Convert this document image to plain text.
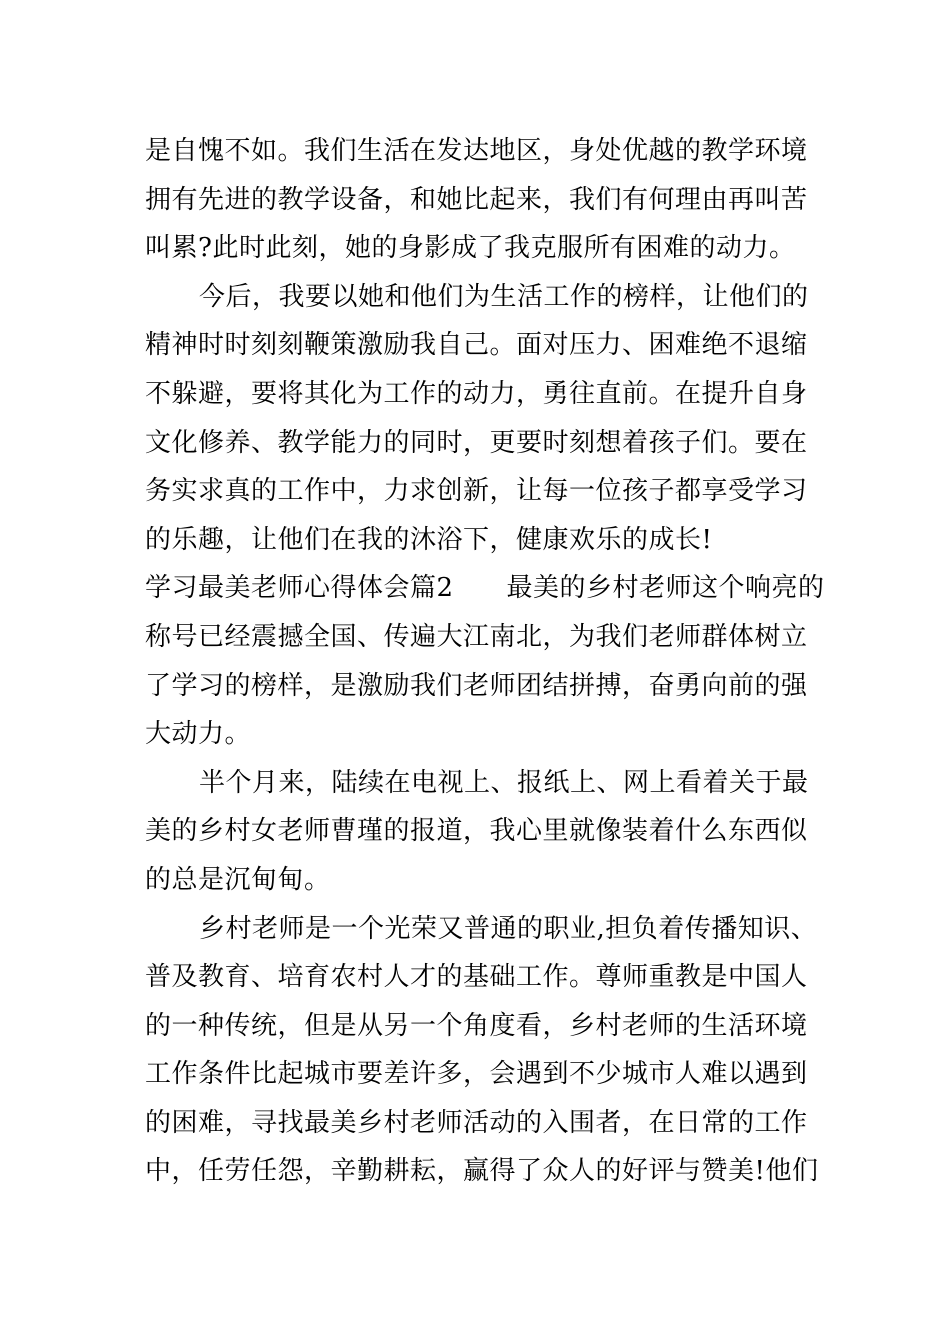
是自愧不如。我们生活在发达地区，身处优越的教学环境
拥有先进的教学设备，和她比起来，我们有何理由再叫苦
叫累?此时此刻，她的身影成了我克服所有困难的动力。
今后，我要以她和他们为生活工作的榜样，让他们的
精神时时刻刻鞭策激励我自己。面对压力、困难绝不退缩
不躲避，要将其化为工作的动力，勇往直前。在提升自身
文化修养、教学能力的同时，更要时刻想着孩子们。要在
务实求真的工作中，力求创新，让每一位孩子都享受学习
的乐趣，让他们在我的沐浴下，健康欢乐的成长!
学习最美老师心得体会篇2　　最美的乡村老师这个响亮的
称号已经震撼全国、传遍大江南北，为我们老师群体树立
了学习的榜样，是激励我们老师团结拼搏，奋勇向前的强
大动力。
半个月来，陆续在电视上、报纸上、网上看着关于最
美的乡村女老师曹瑾的报道，我心里就像装着什么东西似
的总是沉甸甸。
乡村老师是一个光荣又普通的职业,担负着传播知识、
普及教育、培育农村人才的基础工作。尊师重教是中国人
的一种传统，但是从另一个角度看，乡村老师的生活环境
工作条件比起城市要差许多，会遇到不少城市人难以遇到
的困难，寻找最美乡村老师活动的入围者，在日常的工作
中，任劳任怨，辛勤耕耘，赢得了众人的好评与赞美!他们
